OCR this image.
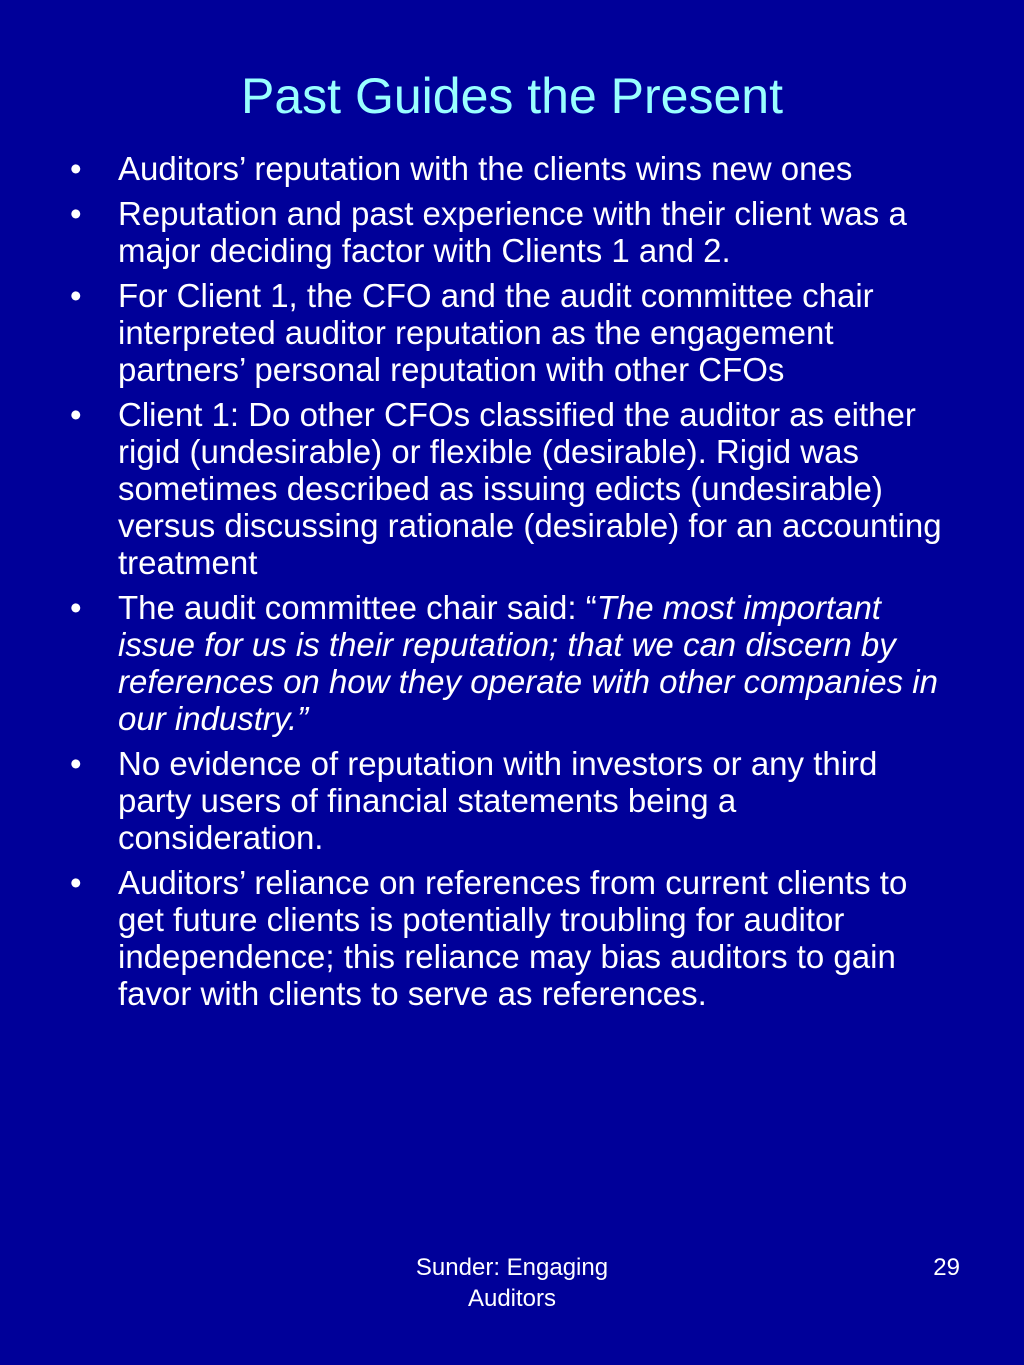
Past Guides the Present
•	Auditors’ reputation with the clients wins new ones
•	Reputation and past experience with their client was a major deciding factor with Clients 1 and 2.
•	For Client 1, the CFO and the audit committee chair interpreted auditor reputation as the engagement partners’ personal reputation with other CFOs
•	Client 1: Do other CFOs classified the auditor as either rigid (undesirable) or flexible (desirable). Rigid was sometimes described as issuing edicts (undesirable) versus discussing rationale (desirable) for an accounting treatment
•	The audit committee chair said: “The most important issue for us is their reputation; that we can discern by references on how they operate with other companies in our industry.”
•	No evidence of reputation with investors or any third party users of financial statements being a consideration.
•	Auditors’ reliance on references from current clients to get future clients is potentially troubling for auditor independence; this reliance may bias auditors to gain favor with clients to serve as references.
Sunder: Engaging
Auditors
29
